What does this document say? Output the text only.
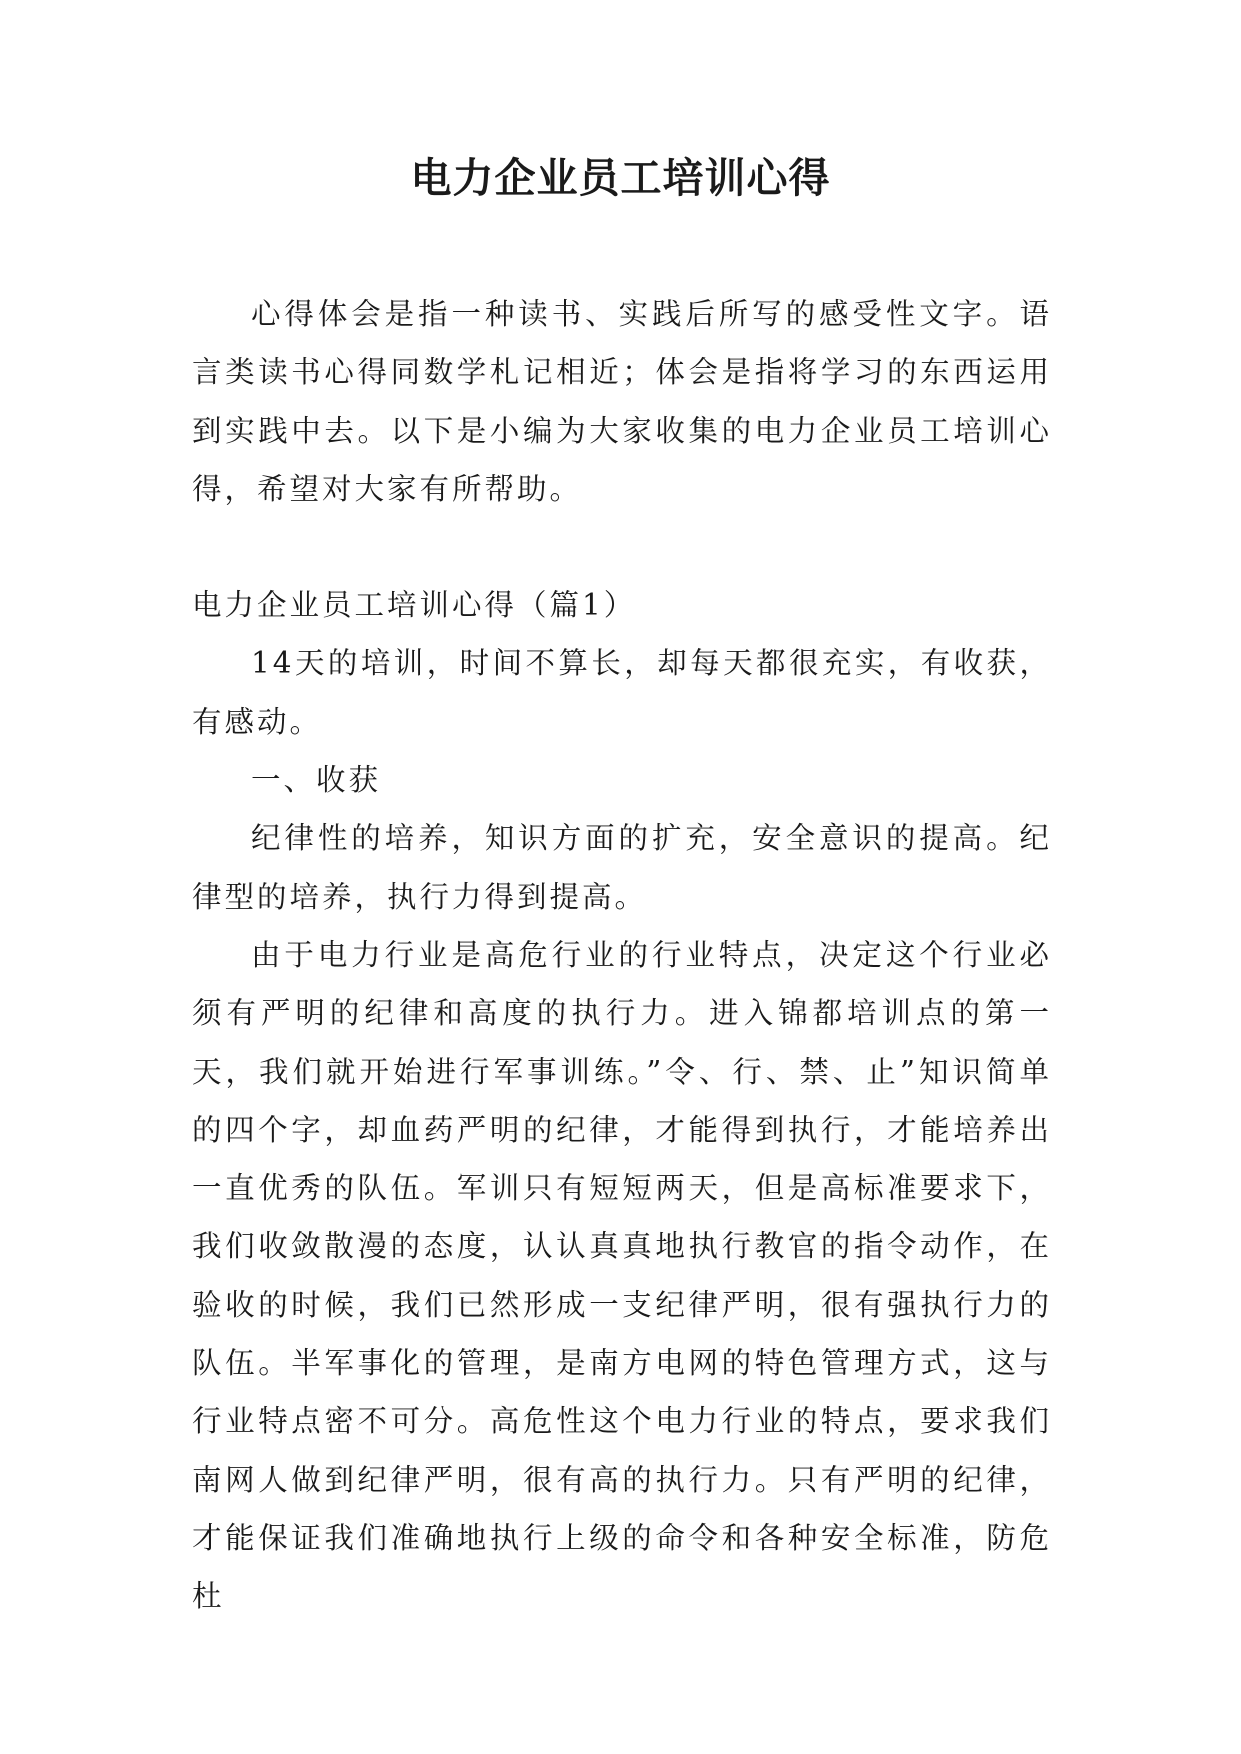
电力企业员工培训心得

心得体会是指一种读书、实践后所写的感受性文字。语言类读书心得同数学札记相近；体会是指将学习的东西运用到实践中去。以下是小编为大家收集的电力企业员工培训心得，希望对大家有所帮助。

电力企业员工培训心得（篇1）

14天的培训，时间不算长，却每天都很充实，有收获，有感动。

一、收获

纪律性的培养，知识方面的扩充，安全意识的提高。纪律型的培养，执行力得到提高。

由于电力行业是高危行业的行业特点，决定这个行业必须有严明的纪律和高度的执行力。进入锦都培训点的第一天，我们就开始进行军事训练。”令、行、禁、止”知识简单的四个字，却血药严明的纪律，才能得到执行，才能培养出一直优秀的队伍。军训只有短短两天，但是高标准要求下，我们收敛散漫的态度，认认真真地执行教官的指令动作，在验收的时候，我们已然形成一支纪律严明，很有强执行力的队伍。半军事化的管理，是南方电网的特色管理方式，这与行业特点密不可分。高危性这个电力行业的特点，要求我们南网人做到纪律严明，很有高的执行力。只有严明的纪律，才能保证我们准确地执行上级的命令和各种安全标准，防危杜
